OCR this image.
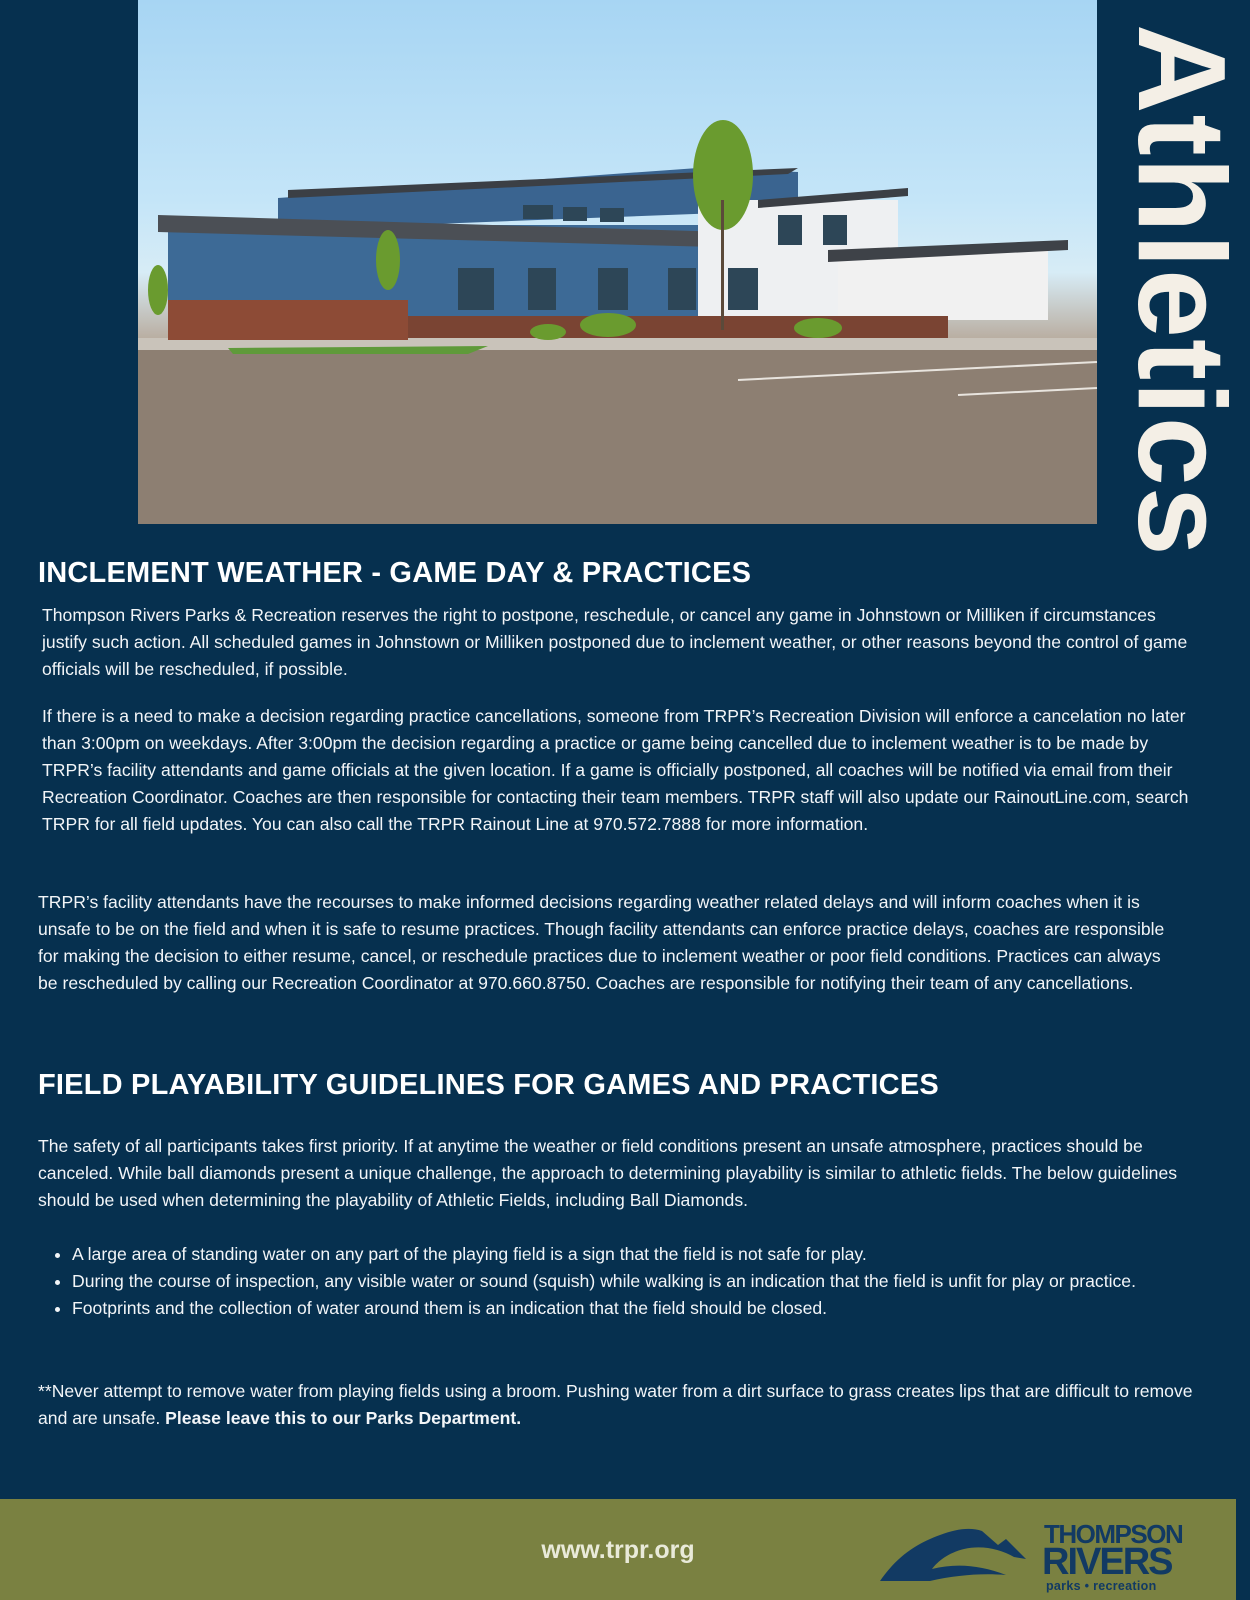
Athletics
INCLEMENT WEATHER - GAME DAY & PRACTICES

Thompson Rivers Parks & Recreation reserves the right to postpone, reschedule, or cancel any game in Johnstown or Milliken if circumstances justify such action. All scheduled games in Johnstown or Milliken postponed due to inclement weather, or other reasons beyond the control of game officials will be rescheduled, if possible.

If there is a need to make a decision regarding practice cancellations, someone from TRPR’s Recreation Division will enforce a cancelation no later than 3:00pm on weekdays. After 3:00pm the decision regarding a practice or game being cancelled due to inclement weather is to be made by TRPR’s facility attendants and game officials at the given location. If a game is officially postponed, all coaches will be notified via email from their Recreation Coordinator. Coaches are then responsible for contacting their team members. TRPR staff will also update our RainoutLine.com, search TRPR for all field updates. You can also call the TRPR Rainout Line at 970.572.7888 for more information.

TRPR’s facility attendants have the recourses to make informed decisions regarding weather related delays and will inform coaches when it is unsafe to be on the field and when it is safe to resume practices. Though facility attendants can enforce practice delays, coaches are responsible for making the decision to either resume, cancel, or reschedule practices due to inclement weather or poor field conditions. Practices can always be rescheduled by calling our Recreation Coordinator at 970.660.8750. Coaches are responsible for notifying their team of any cancellations.

FIELD PLAYABILITY GUIDELINES FOR GAMES AND PRACTICES

The safety of all participants takes first priority. If at anytime the weather or field conditions present an unsafe atmosphere, practices should be canceled. While ball diamonds present a unique challenge, the approach to determining playability is similar to athletic fields. The below guidelines should be used when determining the playability of Athletic Fields, including Ball Diamonds.

• A large area of standing water on any part of the playing field is a sign that the field is not safe for play.
• During the course of inspection, any visible water or sound (squish) while walking is an indication that the field is unfit for play or practice.
• Footprints and the collection of water around them is an indication that the field should be closed.

**Never attempt to remove water from playing fields using a broom. Pushing water from a dirt surface to grass creates lips that are difficult to remove and are unsafe. Please leave this to our Parks Department.

www.trpr.org
THOMPSON
RIVERS
parks • recreation
